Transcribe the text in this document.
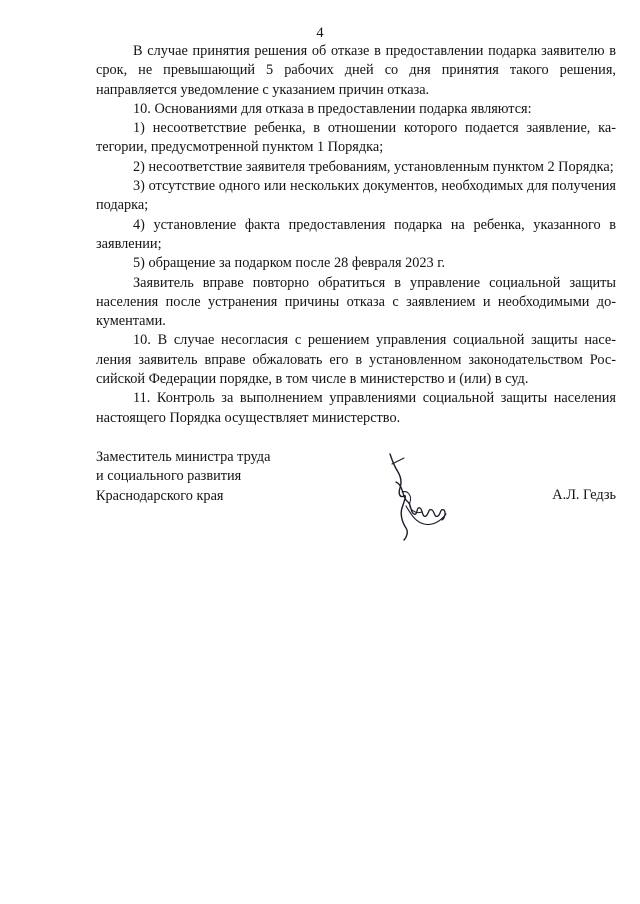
4

В случае принятия решения об отказе в предоставлении подарка заявителю в срок, не превышающий 5 рабочих дней со дня принятия такого решения, направляется уведомление с указанием причин отказа.

10. Основаниями для отказа в предоставлении подарка являются:

1) несоответствие ребенка, в отношении которого подается заявление, категории, предусмотренной пунктом 1 Порядка;

2) несоответствие заявителя требованиям, установленным пунктом 2 Порядка;

3) отсутствие одного или нескольких документов, необходимых для получения подарка;

4) установление факта предоставления подарка на ребенка, указанного в заявлении;

5) обращение за подарком после 28 февраля 2023 г.

Заявитель вправе повторно обратиться в управление социальной защиты населения после устранения причины отказа с заявлением и необходимыми документами.

10. В случае несогласия с решением управления социальной защиты населения заявитель вправе обжаловать его в установленном законодательством Российской Федерации порядке, в том числе в министерство и (или) в суд.

11. Контроль за выполнением управлениями социальной защиты населения настоящего Порядка осуществляет министерство.

Заместитель министра труда
и социального развития
Краснодарского края	А.Л. Гедзь
